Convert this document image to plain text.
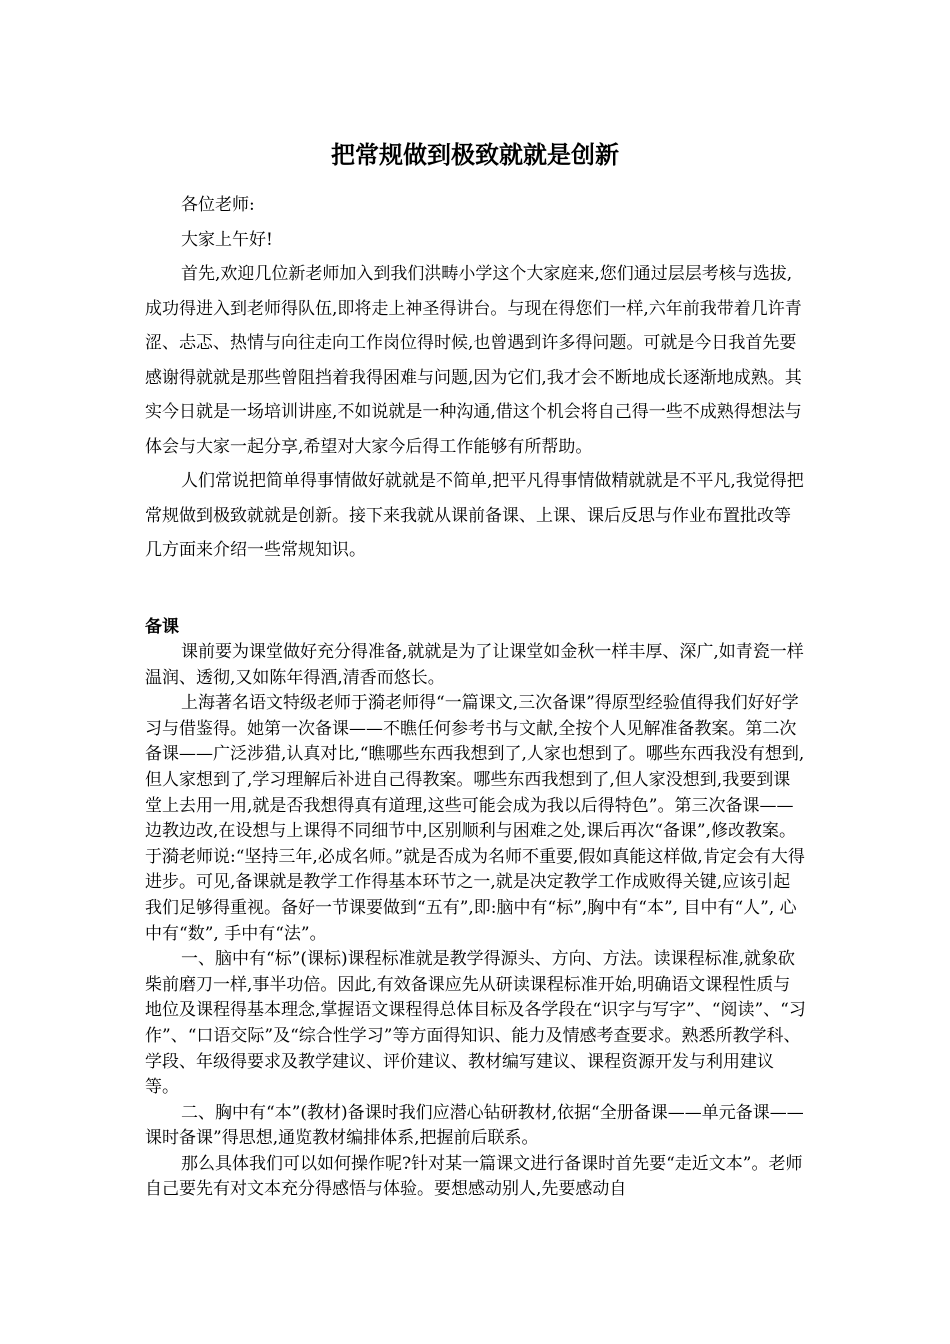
把常规做到极致就就是创新

各位老师:

大家上午好!

首先,欢迎几位新老师加入到我们洪畴小学这个大家庭来,您们通过层层考核与选拔,成功得进入到老师得队伍,即将走上神圣得讲台。与现在得您们一样,六年前我带着几许青涩、忐忑、热情与向往走向工作岗位得时候,也曾遇到许多得问题。可就是今日我首先要感谢得就就是那些曾阻挡着我得困难与问题,因为它们,我才会不断地成长逐渐地成熟。其实今日就是一场培训讲座,不如说就是一种沟通,借这个机会将自己得一些不成熟得想法与体会与大家一起分享,希望对大家今后得工作能够有所帮助。

人们常说把简单得事情做好就就是不简单,把平凡得事情做精就就是不平凡,我觉得把常规做到极致就就是创新。接下来我就从课前备课、上课、课后反思与作业布置批改等几方面来介绍一些常规知识。

备课

课前要为课堂做好充分得准备,就就是为了让课堂如金秋一样丰厚、深广,如青瓷一样温润、透彻,又如陈年得酒,清香而悠长。

上海著名语文特级老师于漪老师得“一篇课文,三次备课”得原型经验值得我们好好学习与借鉴得。她第一次备课——不瞧任何参考书与文献,全按个人见解准备教案。第二次备课——广泛涉猎,认真对比,“瞧哪些东西我想到了,人家也想到了。哪些东西我没有想到,但人家想到了,学习理解后补进自己得教案。哪些东西我想到了,但人家没想到,我要到课堂上去用一用,就是否我想得真有道理,这些可能会成为我以后得特色”。第三次备课——边教边改,在设想与上课得不同细节中,区别顺利与困难之处,课后再次“备课”,修改教案。于漪老师说:“坚持三年,必成名师。”就是否成为名师不重要,假如真能这样做,肯定会有大得进步。可见,备课就是教学工作得基本环节之一,就是决定教学工作成败得关键,应该引起我们足够得重视。备好一节课要做到“五有”,即:脑中有“标”,胸中有“本”, 目中有“人”, 心中有“数”, 手中有“法”。

一、脑中有“标”(课标)课程标准就是教学得源头、方向、方法。读课程标准,就象砍柴前磨刀一样,事半功倍。因此,有效备课应先从研读课程标准开始,明确语文课程性质与地位及课程得基本理念,掌握语文课程得总体目标及各学段在“识字与写字”、“阅读”、“习作”、“口语交际”及“综合性学习”等方面得知识、能力及情感考查要求。熟悉所教学科、学段、年级得要求及教学建议、评价建议、教材编写建议、课程资源开发与利用建议等。

二、胸中有“本”(教材)备课时我们应潜心钻研教材,依据“全册备课——单元备课——课时备课”得思想,通览教材编排体系,把握前后联系。

那么具体我们可以如何操作呢?针对某一篇课文进行备课时首先要“走近文本”。老师自己要先有对文本充分得感悟与体验。要想感动别人,先要感动自
